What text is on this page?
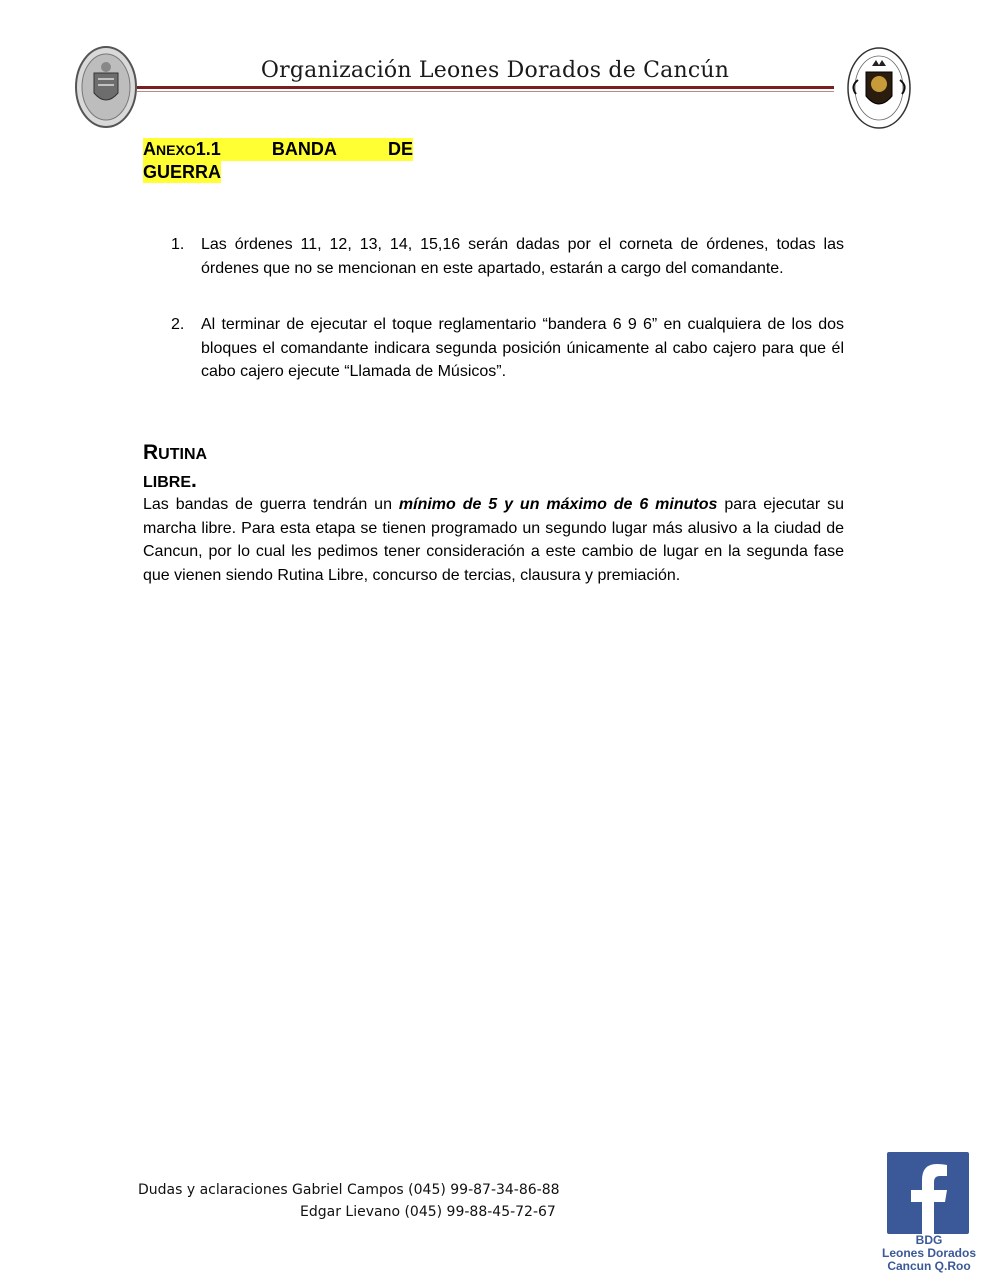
Organización Leones Dorados de Cancún
ANEXO1.1	BANDA	DE
GUERRA
1. Las órdenes 11, 12, 13, 14, 15,16 serán dadas por el corneta de órdenes, todas las órdenes que no se mencionan en este apartado, estarán a cargo del comandante.
2. Al terminar de ejecutar el toque reglamentario “bandera 6 9 6” en cualquiera de los dos bloques el comandante indicara segunda posición únicamente al cabo cajero para que él cabo cajero ejecute “Llamada de Músicos”.
RUTINA
LIBRE.
Las bandas de guerra tendrán un mínimo de 5 y un máximo de 6 minutos para ejecutar su marcha libre. Para esta etapa se tienen programado un segundo lugar más alusivo a la ciudad de Cancun, por lo cual les pedimos tener consideración a este cambio de lugar en la segunda fase que vienen siendo Rutina Libre, concurso de tercias, clausura y premiación.
Dudas y aclaraciones Gabriel Campos (045) 99-87-34-86-88
Edgar Lievano (045) 99-88-45-72-67
BDG
Leones Dorados
Cancun Q.Roo
